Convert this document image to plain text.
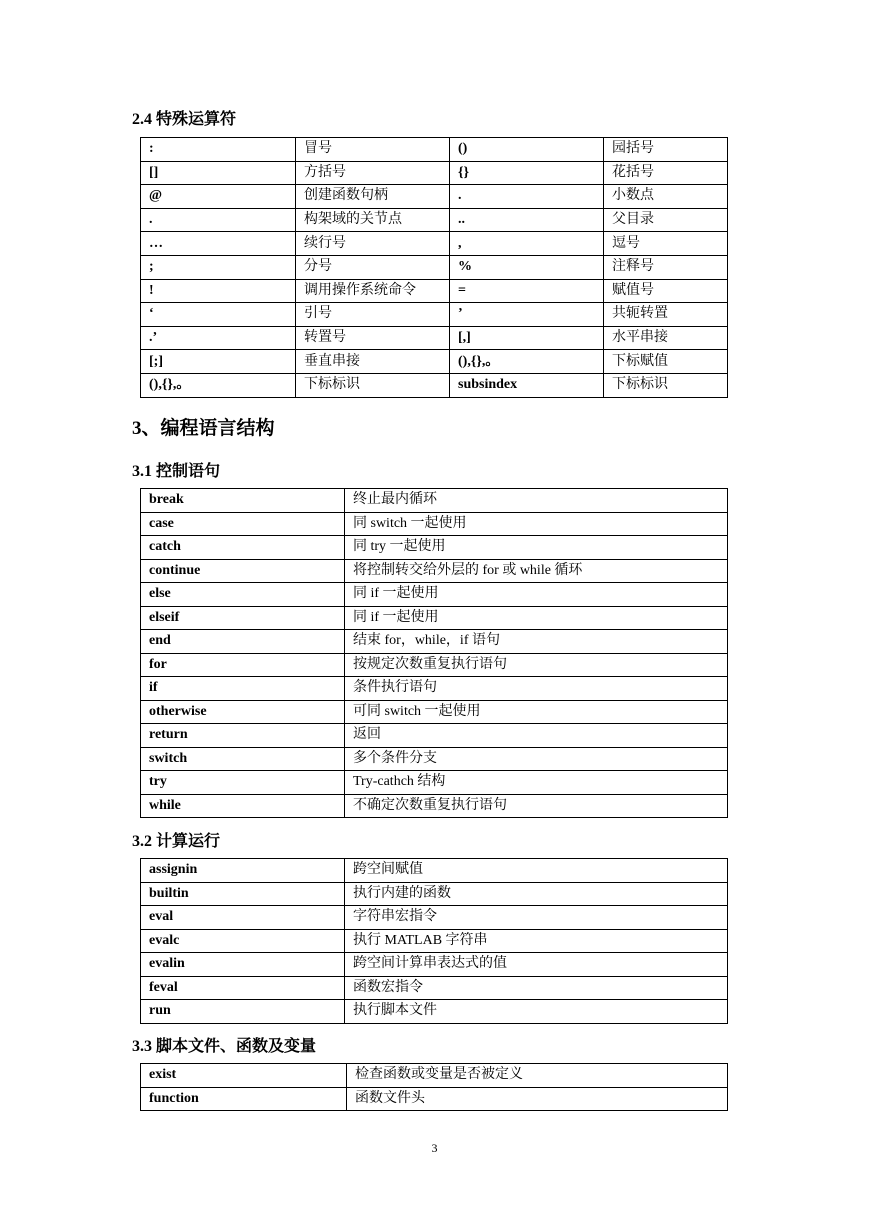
2.4 特殊运算符
:	冒号	()	园括号
[]	方括号	{}	花括号
@	创建函数句柄	.	小数点
.	构架域的关节点	..	父目录
…	续行号	,	逗号
;	分号	%	注释号
!	调用操作系统命令	=	赋值号
‘	引号	’	共轭转置
.’	转置号	[,]	水平串接
[;]	垂直串接	(),{},。	下标赋值
(),{},。	下标标识	subsindex	下标标识
3、编程语言结构
3.1 控制语句
break	终止最内循环
case	同 switch 一起使用
catch	同 try 一起使用
continue	将控制转交给外层的 for 或 while 循环
else	同 if 一起使用
elseif	同 if 一起使用
end	结束 for，while，if 语句
for	按规定次数重复执行语句
if	条件执行语句
otherwise	可同 switch 一起使用
return	返回
switch	多个条件分支
try	Try-cathch 结构
while	不确定次数重复执行语句
3.2 计算运行
assignin	跨空间赋值
builtin	执行内建的函数
eval	字符串宏指令
evalc	执行 MATLAB 字符串
evalin	跨空间计算串表达式的值
feval	函数宏指令
run	执行脚本文件
3.3 脚本文件、函数及变量
exist	检查函数或变量是否被定义
function	函数文件头
3
